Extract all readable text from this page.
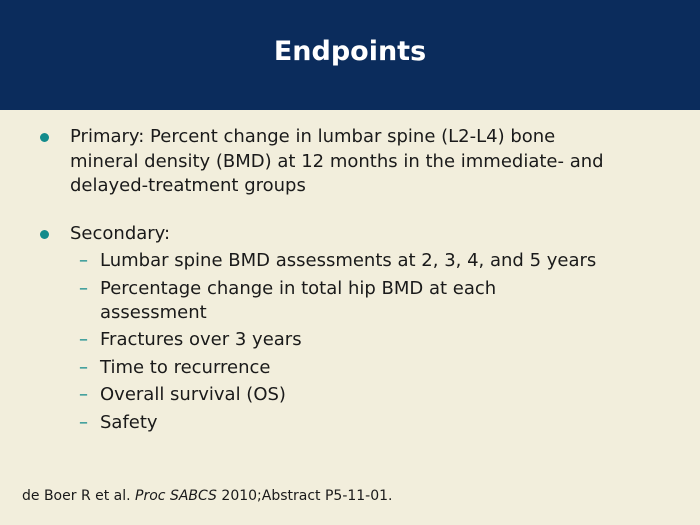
Endpoints
Primary: Percent change in lumbar spine (L2-L4) bone mineral density (BMD) at 12 months in the immediate- and delayed-treatment groups
Secondary:
– Lumbar spine BMD assessments at 2, 3, 4, and 5 years
– Percentage change in total hip BMD at each assessment
– Fractures over 3 years
– Time to recurrence
– Overall survival (OS)
– Safety
de Boer R et al. Proc SABCS 2010;Abstract P5-11-01.
